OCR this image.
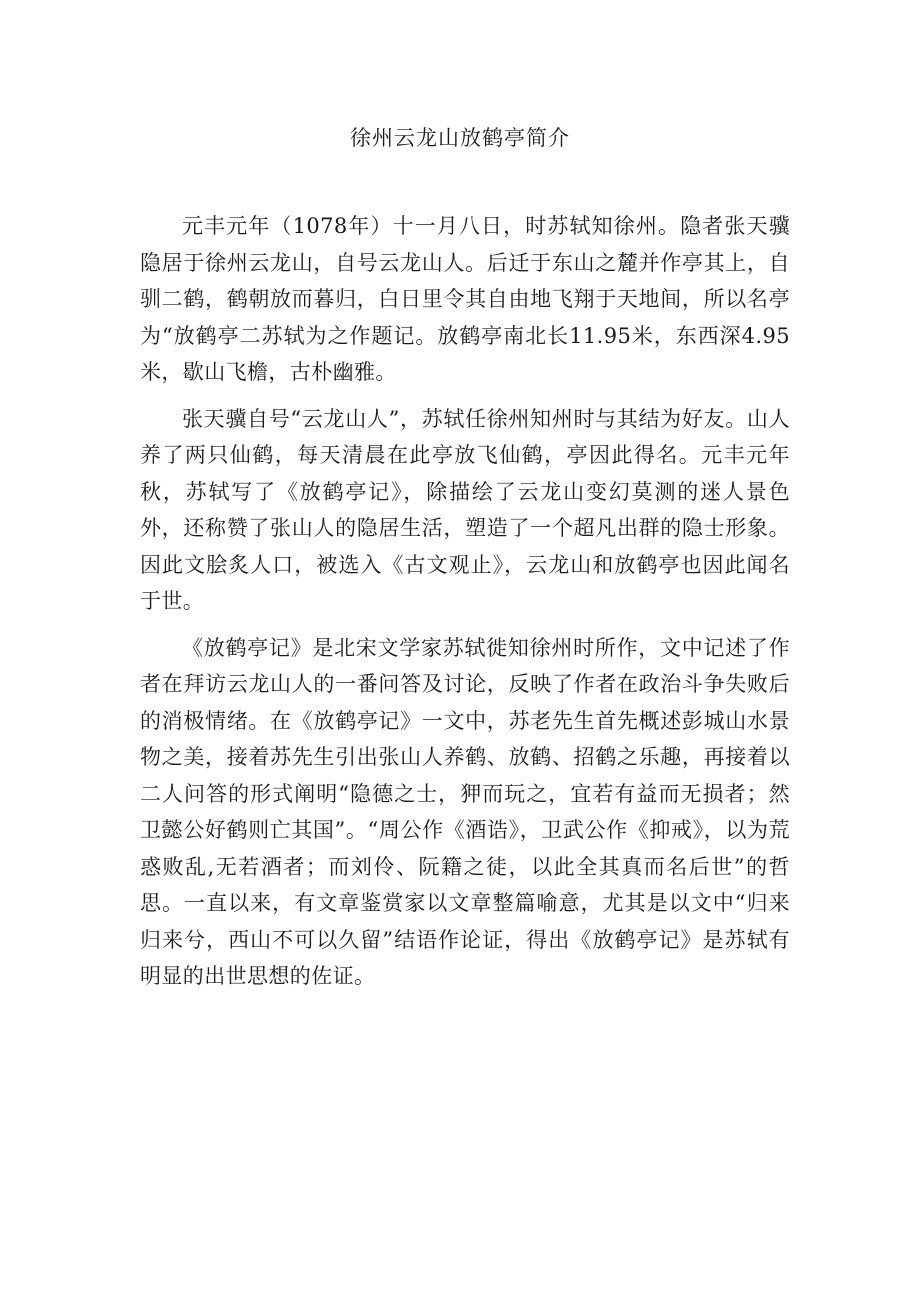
徐州云龙山放鹤亭简介

元丰元年（1078年）十一月八日，时苏轼知徐州。隐者张天骥隐居于徐州云龙山，自号云龙山人。后迁于东山之麓并作亭其上，自驯二鹤，鹤朝放而暮归，白日里令其自由地飞翔于天地间，所以名亭为“放鹤亭二苏轼为之作题记。放鹤亭南北长11.95米，东西深4.95米，歇山飞檐，古朴幽雅。

张天骥自号“云龙山人”，苏轼任徐州知州时与其结为好友。山人养了两只仙鹤，每天清晨在此亭放飞仙鹤，亭因此得名。元丰元年秋，苏轼写了《放鹤亭记》，除描绘了云龙山变幻莫测的迷人景色外，还称赞了张山人的隐居生活，塑造了一个超凡出群的隐士形象。因此文脍炙人口，被选入《古文观止》，云龙山和放鹤亭也因此闻名于世。

《放鹤亭记》是北宋文学家苏轼徙知徐州时所作，文中记述了作者在拜访云龙山人的一番问答及讨论，反映了作者在政治斗争失败后的消极情绪。在《放鹤亭记》一文中，苏老先生首先概述彭城山水景物之美，接着苏先生引出张山人养鹤、放鹤、招鹤之乐趣，再接着以二人问答的形式阐明“隐德之士，狎而玩之，宜若有益而无损者；然卫懿公好鹤则亡其国”。“周公作《酒诰》，卫武公作《抑戒》，以为荒惑败乱,无若酒者；而刘伶、阮籍之徒，以此全其真而名后世”的哲思。一直以来，有文章鉴赏家以文章整篇喻意，尤其是以文中“归来归来兮，西山不可以久留”结语作论证，得出《放鹤亭记》是苏轼有明显的出世思想的佐证。
